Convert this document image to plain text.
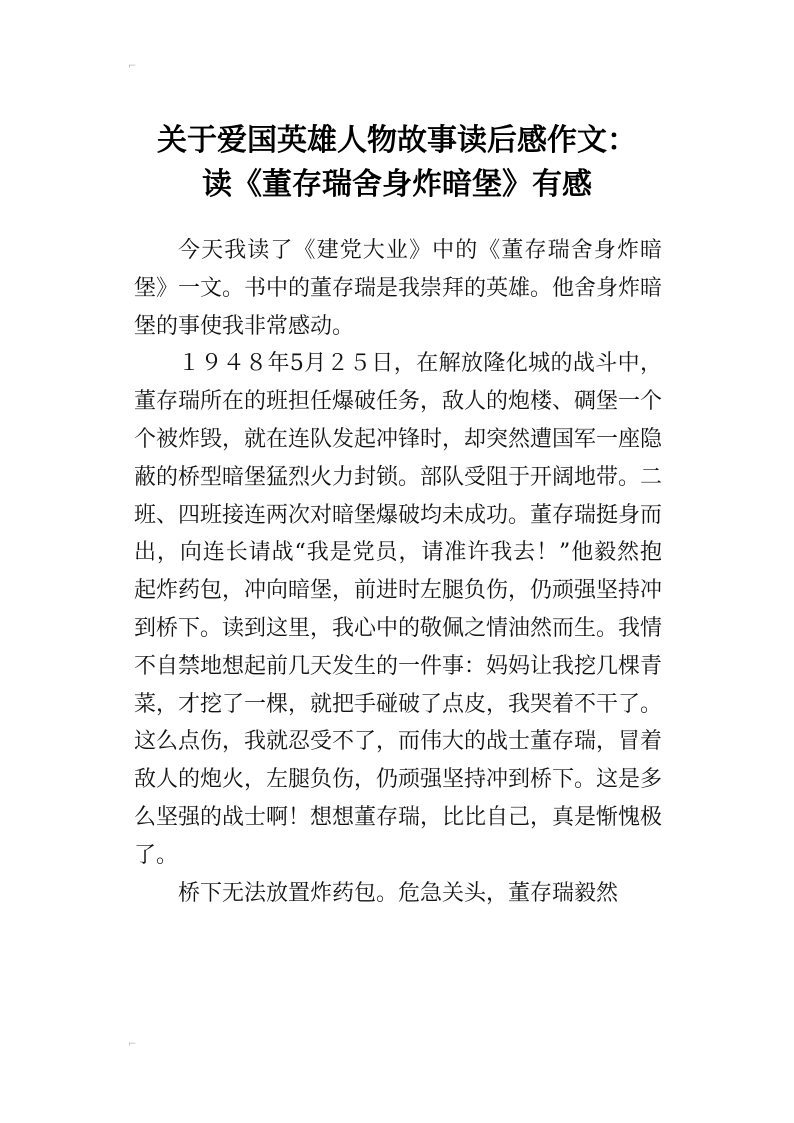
⌐
⌐
关于爱国英雄人物故事读后感作文：
读《董存瑞舍身炸暗堡》有感

今天我读了《建党大业》中的《董存瑞舍身炸暗堡》一文。书中的董存瑞是我崇拜的英雄。他舍身炸暗堡的事使我非常感动。

１９４８年5月２５日，在解放隆化城的战斗中，董存瑞所在的班担任爆破任务，敌人的炮楼、碉堡一个个被炸毁，就在连队发起冲锋时，却突然遭国军一座隐蔽的桥型暗堡猛烈火力封锁。部队受阻于开阔地带。二班、四班接连两次对暗堡爆破均未成功。董存瑞挺身而出，向连长请战“我是党员，请准许我去！”他毅然抱起炸药包，冲向暗堡，前进时左腿负伤，仍顽强坚持冲到桥下。读到这里，我心中的敬佩之情油然而生。我情不自禁地想起前几天发生的一件事：妈妈让我挖几棵青菜，才挖了一棵，就把手碰破了点皮，我哭着不干了。这么点伤，我就忍受不了，而伟大的战士董存瑞，冒着敌人的炮火，左腿负伤，仍顽强坚持冲到桥下。这是多么坚强的战士啊！想想董存瑞，比比自己，真是惭愧极了。

桥下无法放置炸药包。危急关头，董存瑞毅然
